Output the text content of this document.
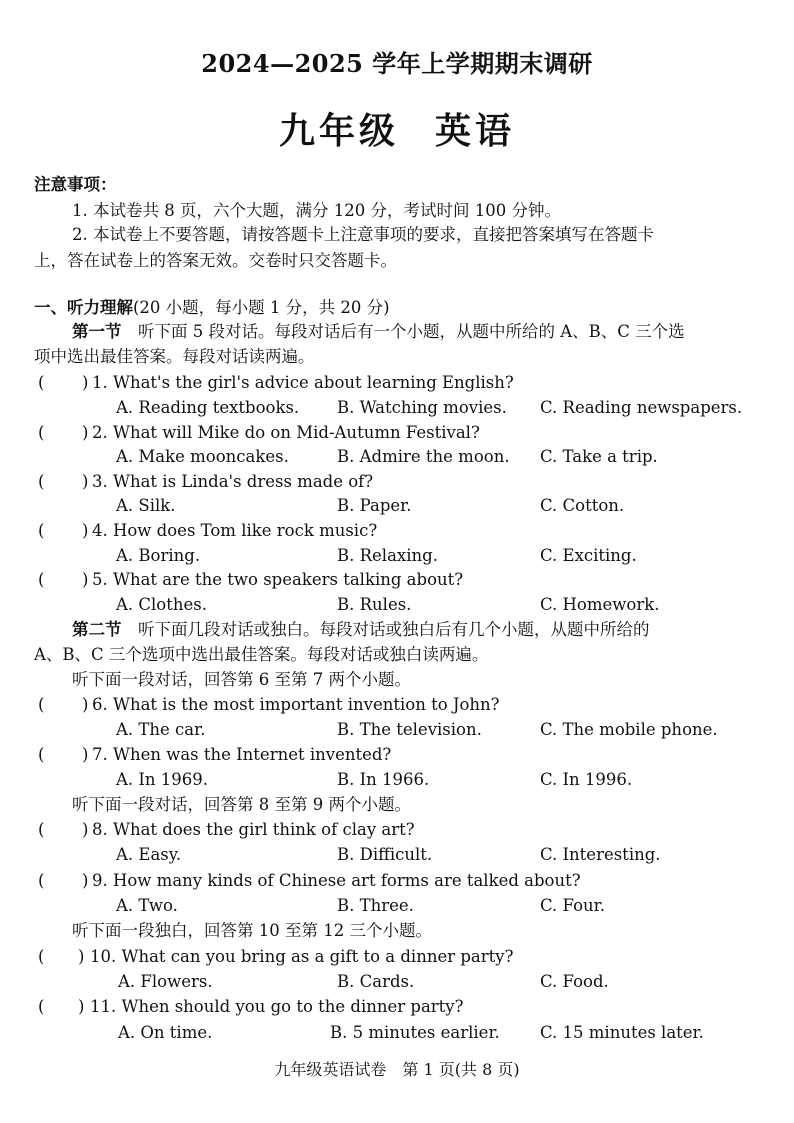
2024—2025 学年上学期期末调研
九年级 英语
注意事项：
1. 本试卷共 8 页，六个大题，满分 120 分，考试时间 100 分钟。
2. 本试卷上不要答题，请按答题卡上注意事项的要求，直接把答案填写在答题卡
上，答在试卷上的答案无效。交卷时只交答题卡。
一、听力理解(20 小题，每小题 1 分，共 20 分)
第一节　 听下面 5 段对话。每段对话后有一个小题，从题中所给的 A、B、C 三个选
项中选出最佳答案。每段对话读两遍。
( ) 1. What's the girl's advice about learning English?
A. Reading textbooks. B. Watching movies. C. Reading newspapers.
( ) 2. What will Mike do on Mid-Autumn Festival?
A. Make mooncakes.	B. Admire the moon. C. Take a trip.
( ) 3. What is Linda's dress made of?
A. Silk.	B. Paper.	C. Cotton.
( ) 4. How does Tom like rock music?
A. Boring.	B. Relaxing.	C. Exciting.
( ) 5. What are the two speakers talking about?
A. Clothes.	B. Rules.	C. Homework.
第二节　 听下面几段对话或独白。每段对话或独白后有几个小题，从题中所给的
A、B、C 三个选项中选出最佳答案。每段对话或独白读两遍。
听下面一段对话，回答第 6 至第 7 两个小题。
( ) 6. What is the most important invention to John?
A. The car.	B. The television.	C. The mobile phone.
( ) 7. When was the Internet invented?
A. In 1969.	B. In 1966.	C. In 1996.
听下面一段对话，回答第 8 至第 9 两个小题。
( ) 8. What does the girl think of clay art?
A. Easy.	B. Difficult.	C. Interesting.
( ) 9. How many kinds of Chinese art forms are talked about?
A. Two.	B. Three.	C. Four.
听下面一段独白，回答第 10 至第 12 三个小题。
( ) 10. What can you bring as a gift to a dinner party?
A. Flowers.	B. Cards.	C. Food.
( ) 11. When should you go to the dinner party?
A. On time.	B. 5 minutes earlier. C. 15 minutes later.
九年级英语试卷　第 1 页(共 8 页)
